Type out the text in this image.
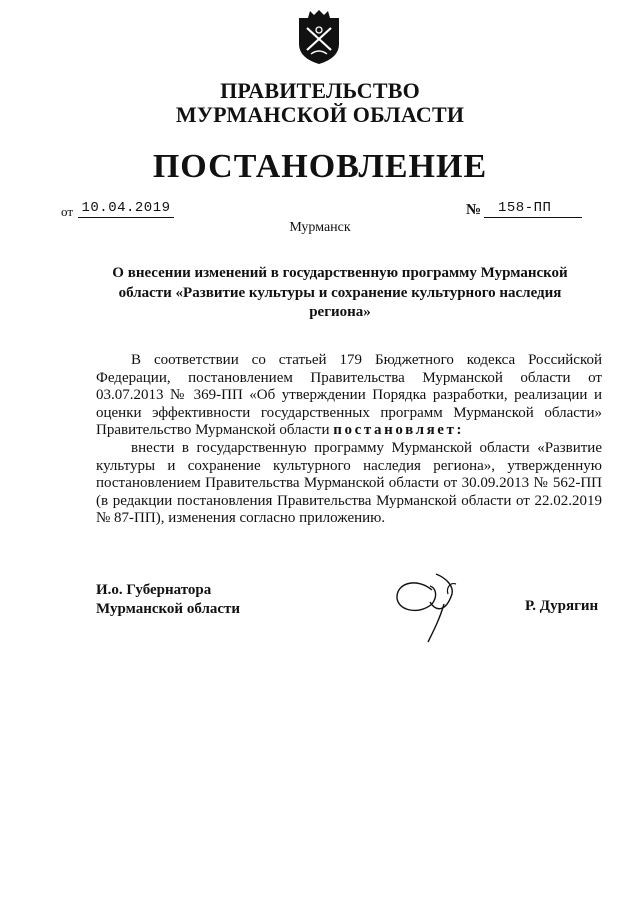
ПРАВИТЕЛЬСТВО
МУРМАНСКОЙ ОБЛАСТИ
ПОСТАНОВЛЕНИЕ
от 10.04.2019	№	158-ПП
Мурманск
О внесении изменений в государственную программу Мурманской
области «Развитие культуры и сохранение культурного наследия
региона»

В соответствии со статьей 179 Бюджетного кодекса Российской Федерации, постановлением Правительства Мурманской области от 03.07.2013 № 369-ПП «Об утверждении Порядка разработки, реализации и оценки эффективности государственных программ Мурманской области» Правительство Мурманской области постановляет:

внести в государственную программу Мурманской области «Развитие культуры и сохранение культурного наследия региона», утвержденную постановлением Правительства Мурманской области от 30.09.2013 № 562-ПП (в редакции постановления Правительства Мурманской области от 22.02.2019 № 87-ПП), изменения согласно приложению.

И.о. Губернатора
Мурманской области	Р. Дурягин
